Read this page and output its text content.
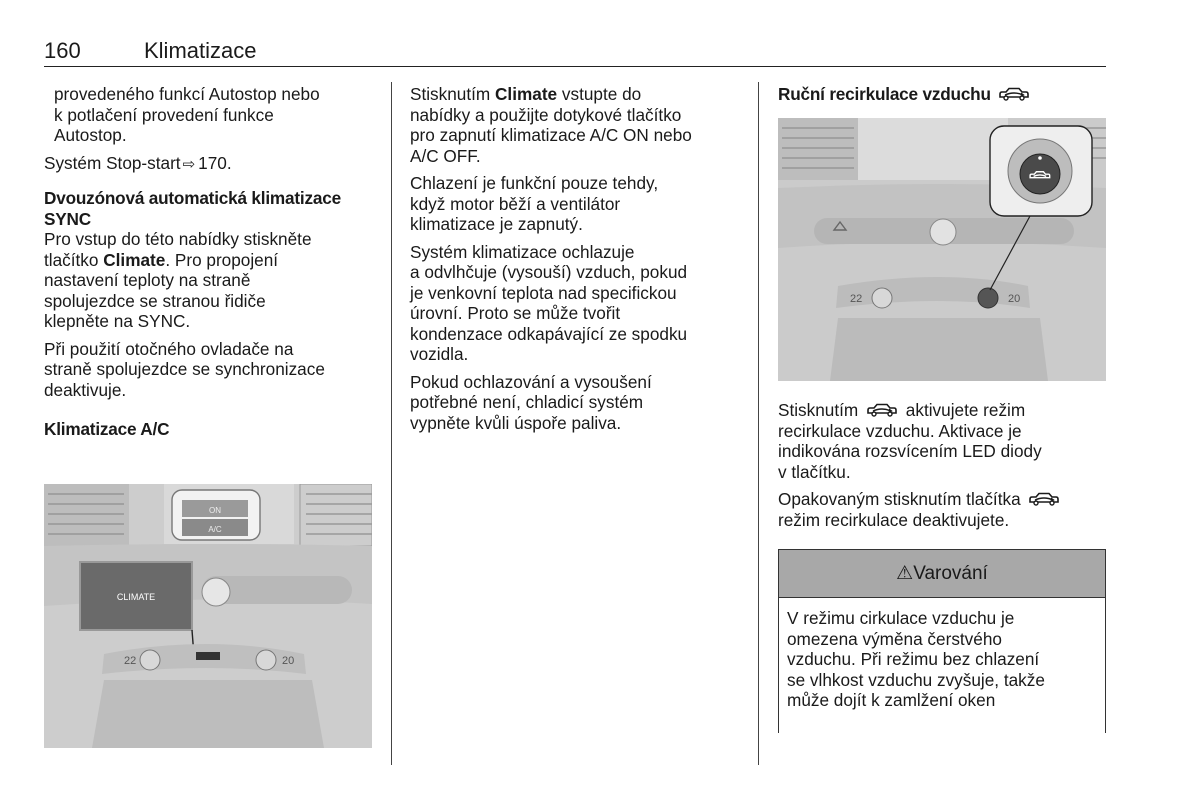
160	Klimatizace

provedeného funkcí Autostop nebo
k potlačení provedení funkce
Autostop.

Systém Stop-start⇨ 170.

Dvouzónová automatická klimatizace
SYNC

Pro vstup do této nabídky stiskněte
tlačítko Climate. Pro propojení
nastavení teploty na straně
spolujezdce se stranou řidiče
klepněte na SYNC.

Při použití otočného ovladače na
straně spolujezdce se synchronizace
deaktivuje.

Klimatizace A/C
ON
A/C
CLIMATE
22	20

Stisknutím Climate vstupte do
nabídky a použijte dotykové tlačítko
pro zapnutí klimatizace A/C ON nebo
A/C OFF.

Chlazení je funkční pouze tehdy,
když motor běží a ventilátor
klimatizace je zapnutý.

Systém klimatizace ochlazuje
a odvlhčuje (vysouší) vzduch, pokud
je venkovní teplota nad specifickou
úrovní. Proto se může tvořit
kondenzace odkapávající ze spodku
vozidla.

Pokud ochlazování a vysoušení
potřebné není, chladicí systém
vypněte kvůli úspoře paliva.

Ruční recirkulace vzduchu
22	20

Stisknutím	aktivujete režim
recirkulace vzduchu. Aktivace je
indikována rozsvícením LED diody
v tlačítku.

Opakovaným stisknutím tlačítka
režim recirkulace deaktivujete.

⚠ Varování
V režimu cirkulace vzduchu je
omezena výměna čerstvého
vzduchu. Při režimu bez chlazení
se vlhkost vzduchu zvyšuje, takže
může dojít k zamlžení oken
